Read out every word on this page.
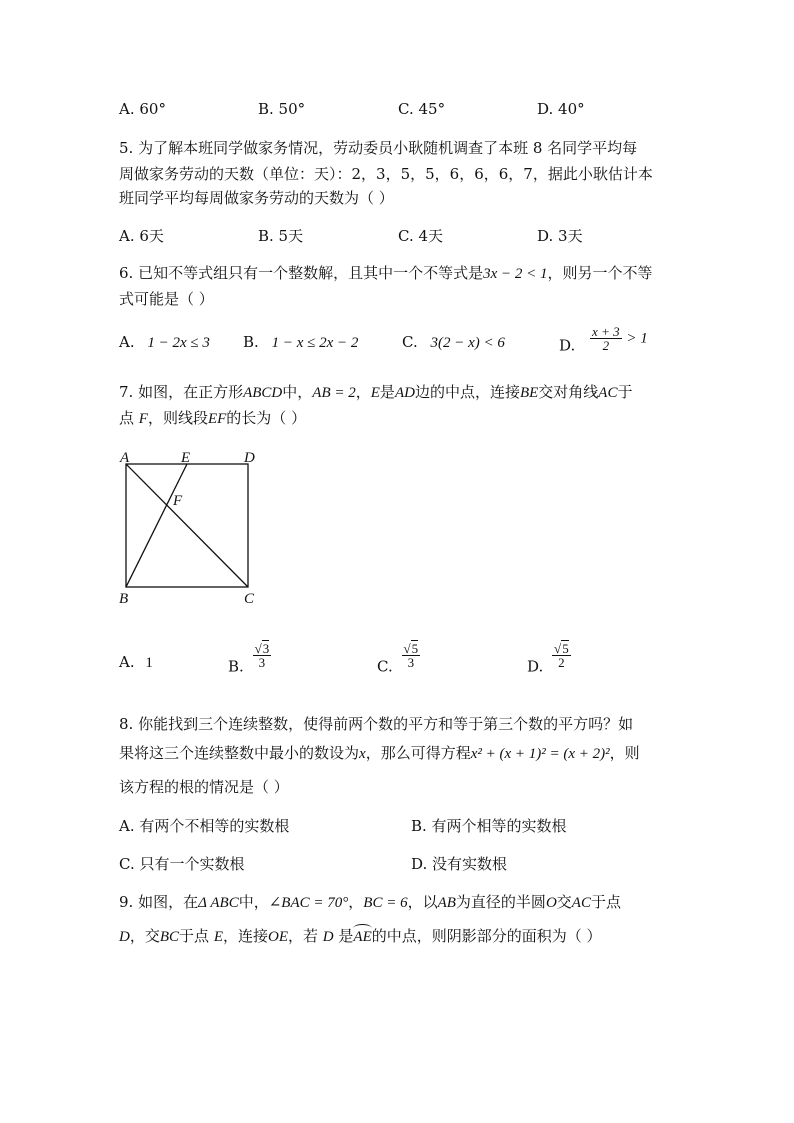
A. 60°	B. 50°	C. 45°	D. 40°
5. 为了解本班同学做家务情况，劳动委员小耿随机调查了本班 8 名同学平均每
周做家务劳动的天数（单位：天）：2，3，5，5，6，6，6，7，据此小耿估计本
班同学平均每周做家务劳动的天数为（ ）
A. 6天	B. 5天	C. 4天	D. 3天
6. 已知不等式组只有一个整数解，且其中一个不等式是3x − 2 < 1，则另一个不等
式可能是（ ）
A. 1 − 2x ≤ 3 B. 1 − x ≤ 2x − 2	C. 3(2 − x) < 6	D. $\frac{x + 3}{2} > 1$
7. 如图，在正方形ABCD中，AB = 2，E是AD边的中点，连接BE交对角线AC于
点 F，则线段EF的长为（ ）
A	E	D
F
B	C
A. 1	B. $\frac{√3}{3}$	C. $\frac{√5}{3}$	D. $\frac{√5}{2}$
8. 你能找到三个连续整数，使得前两个数的平方和等于第三个数的平方吗？如
果将这三个连续整数中最小的数设为x，那么可得方程x² + (x + 1)² = (x + 2)²，则
该方程的根的情况是（ ）
A. 有两个不相等的实数根	B. 有两个相等的实数根
C. 只有一个实数根	D. 没有实数根
9. 如图，在Δ ABC中，∠BAC = 70°，BC = 6，以AB为直径的半圆O交AC于点
D，交BC于点 E，连接OE，若 D 是
AE的中点，则阴影部分的面积为（ ）
